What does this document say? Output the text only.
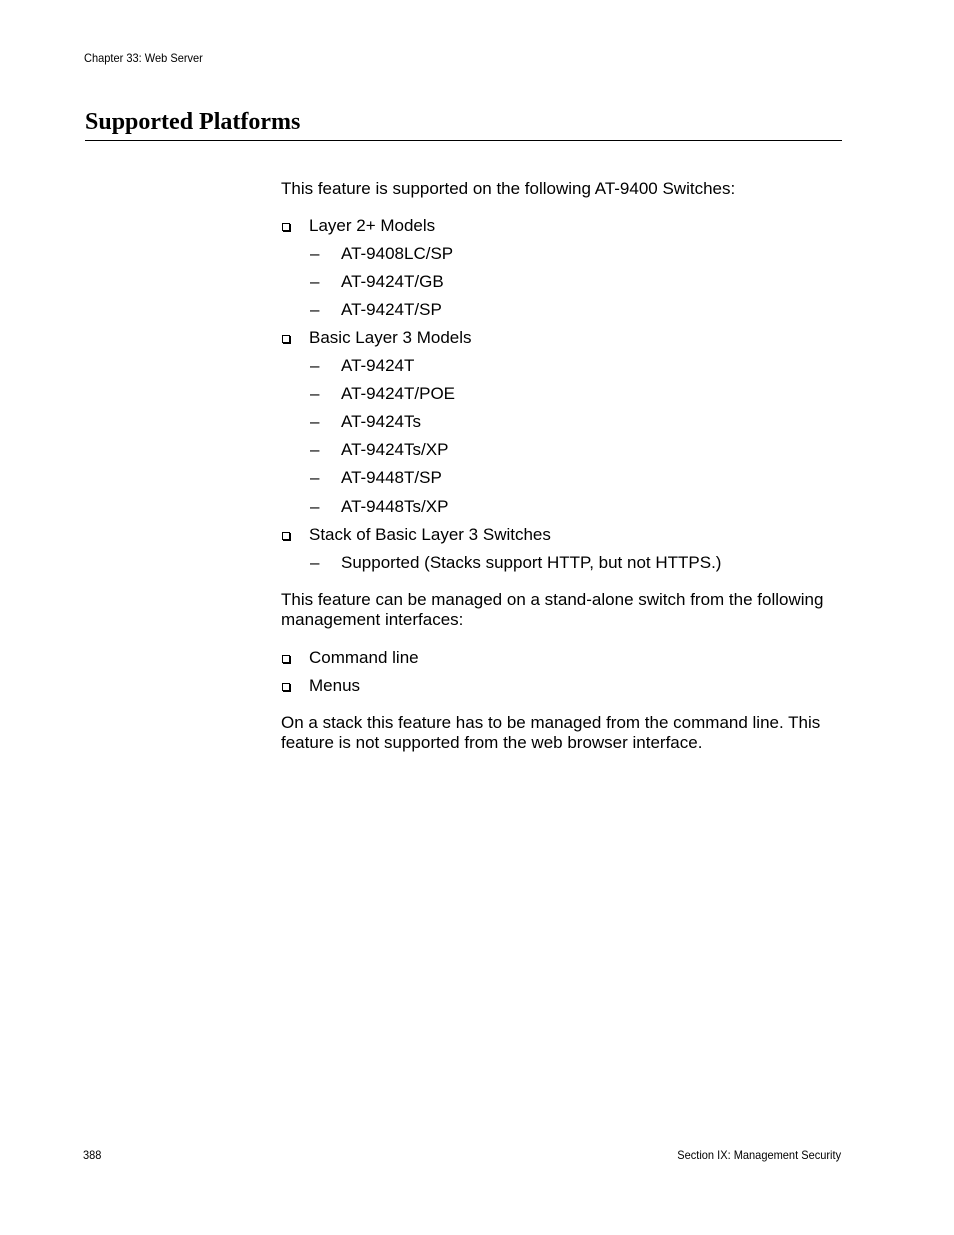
Chapter 33: Web Server
Supported Platforms

This feature is supported on the following AT-9400 Switches:

Layer 2+ Models
– AT-9408LC/SP
– AT-9424T/GB
– AT-9424T/SP
Basic Layer 3 Models
– AT-9424T
– AT-9424T/POE
– AT-9424Ts
– AT-9424Ts/XP
– AT-9448T/SP
– AT-9448Ts/XP
Stack of Basic Layer 3 Switches
– Supported (Stacks support HTTP, but not HTTPS.)

This feature can be managed on a stand-alone switch from the following management interfaces:

Command line
Menus

On a stack this feature has to be managed from the command line. This feature is not supported from the web browser interface.

388	Section IX: Management Security
